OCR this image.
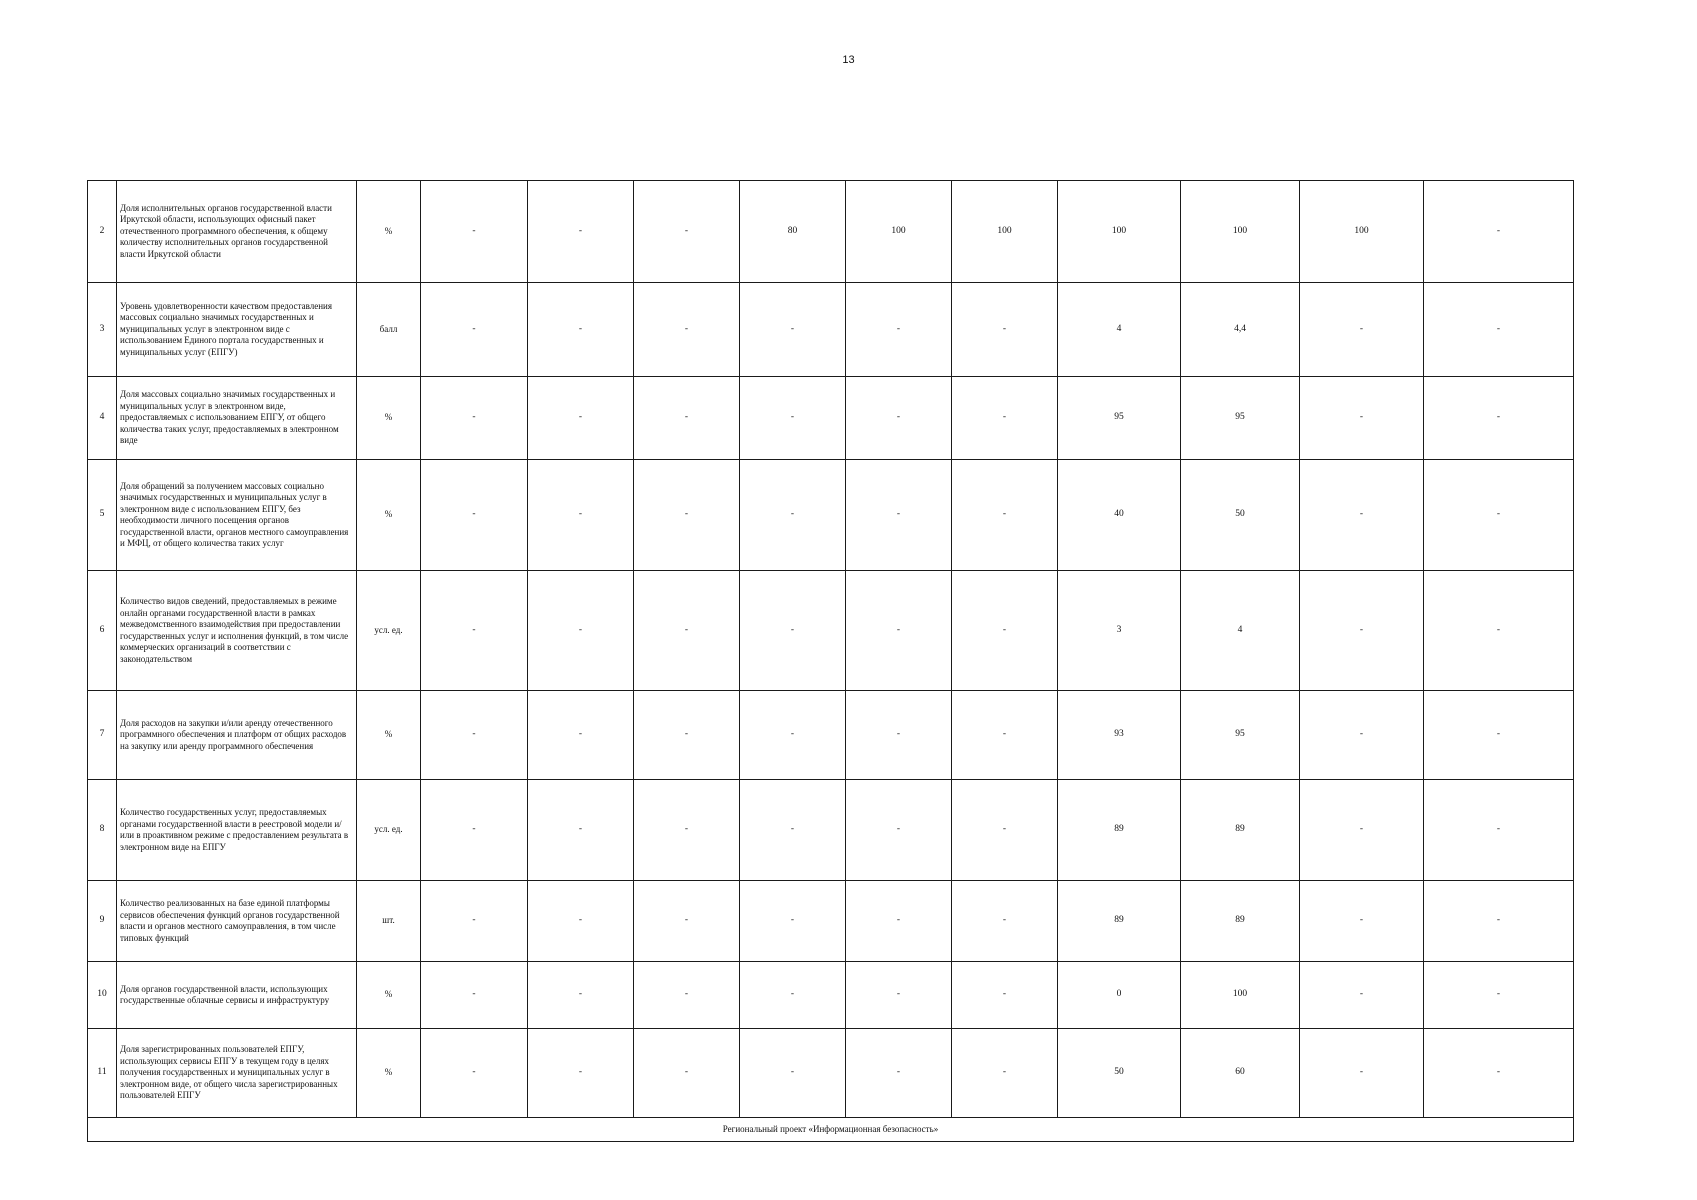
13
2	Доля исполнительных органов государственной власти Иркутской области, использующих офисный пакет отечественного программного обеспечения, к общему количеству исполнительных органов государственной власти Иркутской области	%	-	-	-	80	100	100	100	100	100	-
3	Уровень удовлетворенности качеством предоставления массовых социально значимых государственных и муниципальных услуг в электронном виде с использованием Единого портала государственных и муниципальных услуг (ЕПГУ)	балл	-	-	-	-	-	-	4	4,4	-	-
4	Доля массовых социально значимых государственных и муниципальных услуг в электронном виде, предоставляемых с использованием ЕПГУ, от общего количества таких услуг, предоставляемых в электронном виде	%	-	-	-	-	-	-	95	95	-	-
5	Доля обращений за получением массовых социально значимых государственных и муниципальных услуг в электронном виде с использованием ЕПГУ, без необходимости личного посещения органов государственной власти, органов местного самоуправления и МФЦ, от общего количества таких услуг	%	-	-	-	-	-	-	40	50	-	-
6	Количество видов сведений, предоставляемых в режиме онлайн органами государственной власти в рамках межведомственного взаимодействия при предоставлении государственных услуг и исполнения функций, в том числе коммерческих организаций в соответствии с законодательством	усл. ед.	-	-	-	-	-	-	3	4	-	-
7	Доля расходов на закупки и/или аренду отечественного программного обеспечения и платформ от общих расходов на закупку или аренду программного обеспечения	%	-	-	-	-	-	-	93	95	-	-
8	Количество государственных услуг, предоставляемых органами государственной власти в реестровой модели и/или в проактивном режиме с предоставлением результата в электронном виде на ЕПГУ	усл. ед.	-	-	-	-	-	-	89	89	-	-
9	Количество реализованных на базе единой платформы сервисов обеспечения функций органов государственной власти и органов местного самоуправления, в том числе типовых функций	шт.	-	-	-	-	-	-	89	89	-	-
10	Доля органов государственной власти, использующих государственные облачные сервисы и инфраструктуру	%	-	-	-	-	-	-	0	100	-	-
11	Доля зарегистрированных пользователей ЕПГУ, использующих сервисы ЕПГУ в текущем году в целях получения государственных и муниципальных услуг в электронном виде, от общего числа зарегистрированных пользователей ЕПГУ	%	-	-	-	-	-	-	50	60	-	-
Региональный проект «Информационная безопасность»												
